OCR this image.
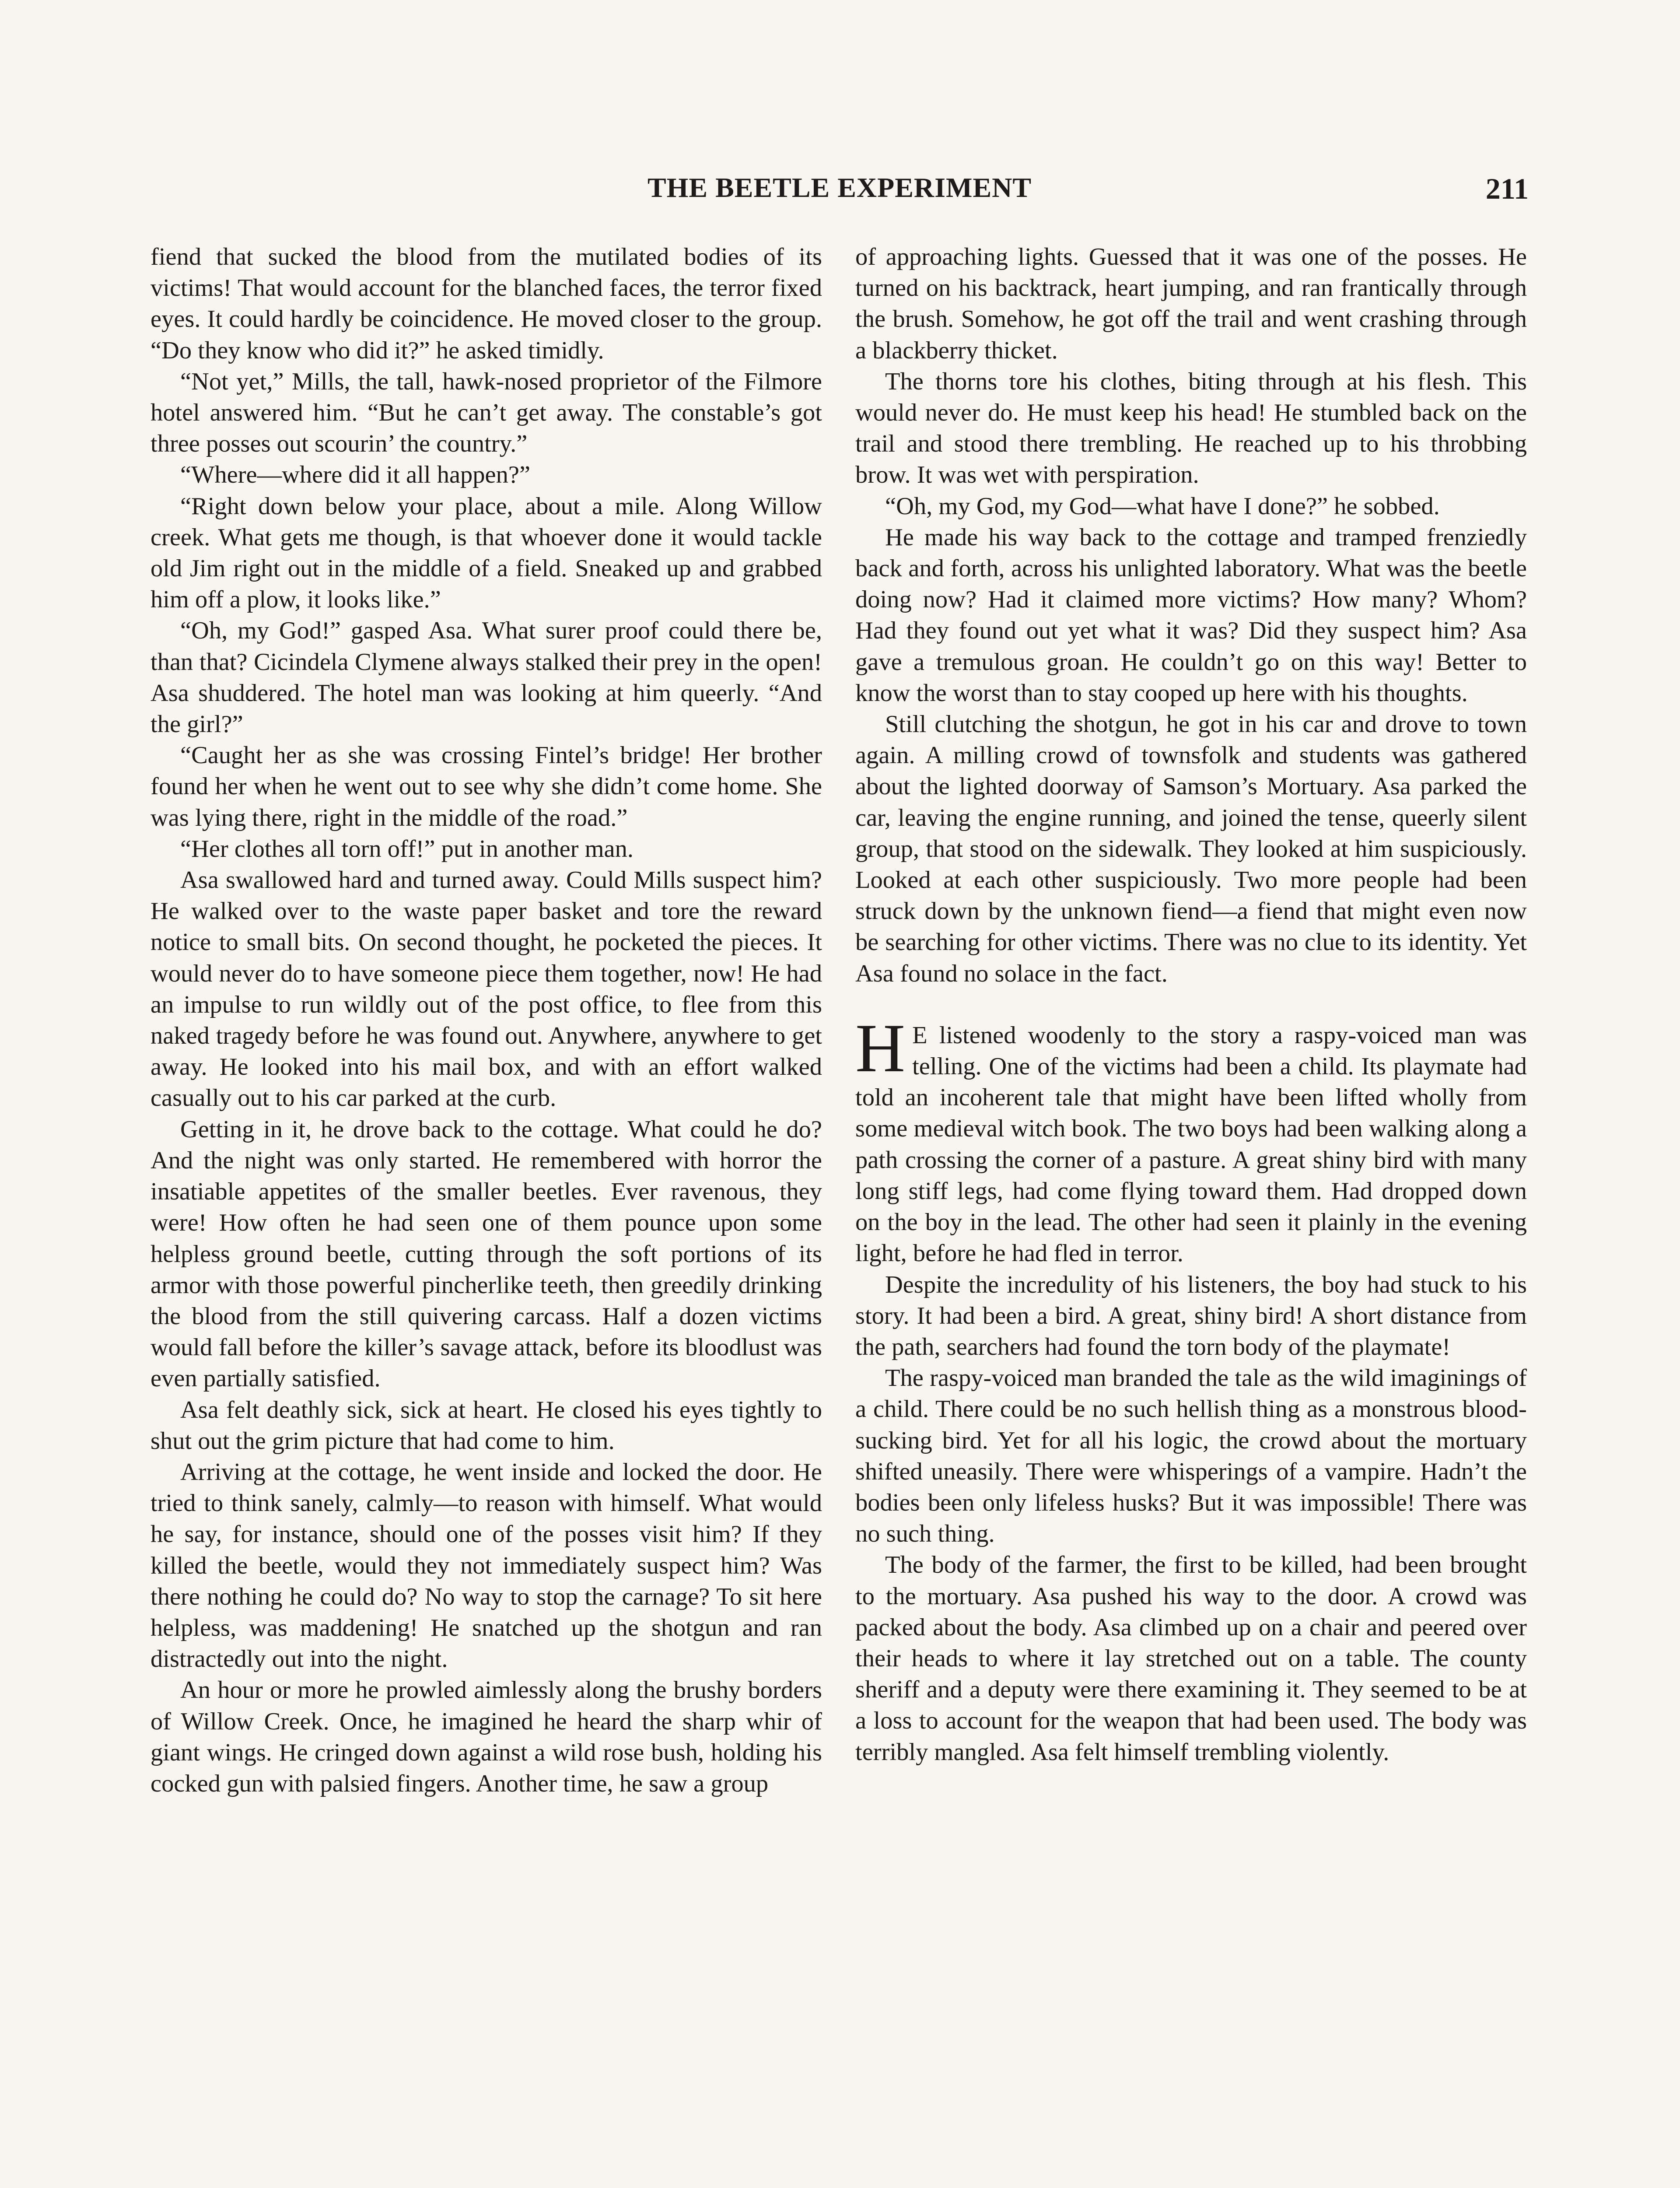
THE BEETLE EXPERIMENT	211

fiend that sucked the blood from the mutilated bodies of its victims! That would account for the blanched faces, the terror fixed eyes. It could hardly be coincidence. He moved closer to the group. “Do they know who did it?” he asked timidly.

“Not yet,” Mills, the tall, hawk-nosed proprietor of the Filmore hotel answered him. “But he can’t get away. The constable’s got three posses out scourin’ the country.”

“Where—where did it all happen?”

“Right down below your place, about a mile. Along Willow creek. What gets me though, is that whoever done it would tackle old Jim right out in the middle of a field. Sneaked up and grabbed him off a plow, it looks like.”

“Oh, my God!” gasped Asa. What surer proof could there be, than that? Cicindela Clymene always stalked their prey in the open! Asa shuddered. The hotel man was looking at him queerly. “And the girl?”

“Caught her as she was crossing Fintel’s bridge! Her brother found her when he went out to see why she didn’t come home. She was lying there, right in the middle of the road.”

“Her clothes all torn off!” put in another man.

Asa swallowed hard and turned away. Could Mills suspect him? He walked over to the waste paper basket and tore the reward notice to small bits. On second thought, he pocketed the pieces. It would never do to have someone piece them together, now! He had an impulse to run wildly out of the post office, to flee from this naked tragedy before he was found out. Anywhere, anywhere to get away. He looked into his mail box, and with an effort walked casually out to his car parked at the curb.

Getting in it, he drove back to the cottage. What could he do? And the night was only started. He remembered with horror the insatiable appetites of the smaller beetles. Ever ravenous, they were! How often he had seen one of them pounce upon some helpless ground beetle, cutting through the soft portions of its armor with those powerful pincherlike teeth, then greedily drinking the blood from the still quivering carcass. Half a dozen victims would fall before the killer’s savage attack, before its bloodlust was even partially satisfied.

Asa felt deathly sick, sick at heart. He closed his eyes tightly to shut out the grim picture that had come to him.

Arriving at the cottage, he went inside and locked the door. He tried to think sanely, calmly—to reason with himself. What would he say, for instance, should one of the posses visit him? If they killed the beetle, would they not immediately suspect him? Was there nothing he could do? No way to stop the carnage? To sit here helpless, was maddening! He snatched up the shotgun and ran distractedly out into the night.

An hour or more he prowled aimlessly along the brushy borders of Willow Creek. Once, he imagined he heard the sharp whir of giant wings. He cringed down against a wild rose bush, holding his cocked gun with palsied fingers. Another time, he saw a group

of approaching lights. Guessed that it was one of the posses. He turned on his backtrack, heart jumping, and ran frantically through the brush. Somehow, he got off the trail and went crashing through a blackberry thicket.

The thorns tore his clothes, biting through at his flesh. This would never do. He must keep his head! He stumbled back on the trail and stood there trembling. He reached up to his throbbing brow. It was wet with perspiration.

“Oh, my God, my God—what have I done?” he sobbed.

He made his way back to the cottage and tramped frenziedly back and forth, across his unlighted laboratory. What was the beetle doing now? Had it claimed more victims? How many? Whom? Had they found out yet what it was? Did they suspect him? Asa gave a tremulous groan. He couldn’t go on this way! Better to know the worst than to stay cooped up here with his thoughts.

Still clutching the shotgun, he got in his car and drove to town again. A milling crowd of townsfolk and students was gathered about the lighted doorway of Samson’s Mortuary. Asa parked the car, leaving the engine running, and joined the tense, queerly silent group, that stood on the sidewalk. They looked at him suspiciously. Looked at each other suspiciously. Two more people had been struck down by the unknown fiend—a fiend that might even now be searching for other victims. There was no clue to its identity. Yet Asa found no solace in the fact.

H E listened woodenly to the story a raspy-voiced man was telling. One of the victims had been a child. Its playmate had told an incoherent tale that might have been lifted wholly from some medieval witch book. The two boys had been walking along a path crossing the corner of a pasture. A great shiny bird with many long stiff legs, had come flying toward them. Had dropped down on the boy in the lead. The other had seen it plainly in the evening light, before he had fled in terror.

Despite the incredulity of his listeners, the boy had stuck to his story. It had been a bird. A great, shiny bird! A short distance from the path, searchers had found the torn body of the playmate!

The raspy-voiced man branded the tale as the wild imaginings of a child. There could be no such hellish thing as a monstrous blood-sucking bird. Yet for all his logic, the crowd about the mortuary shifted uneasily. There were whisperings of a vampire. Hadn’t the bodies been only lifeless husks? But it was impossible! There was no such thing.

The body of the farmer, the first to be killed, had been brought to the mortuary. Asa pushed his way to the door. A crowd was packed about the body. Asa climbed up on a chair and peered over their heads to where it lay stretched out on a table. The county sheriff and a deputy were there examining it. They seemed to be at a loss to account for the weapon that had been used. The body was terribly mangled. Asa felt himself trembling violently.
